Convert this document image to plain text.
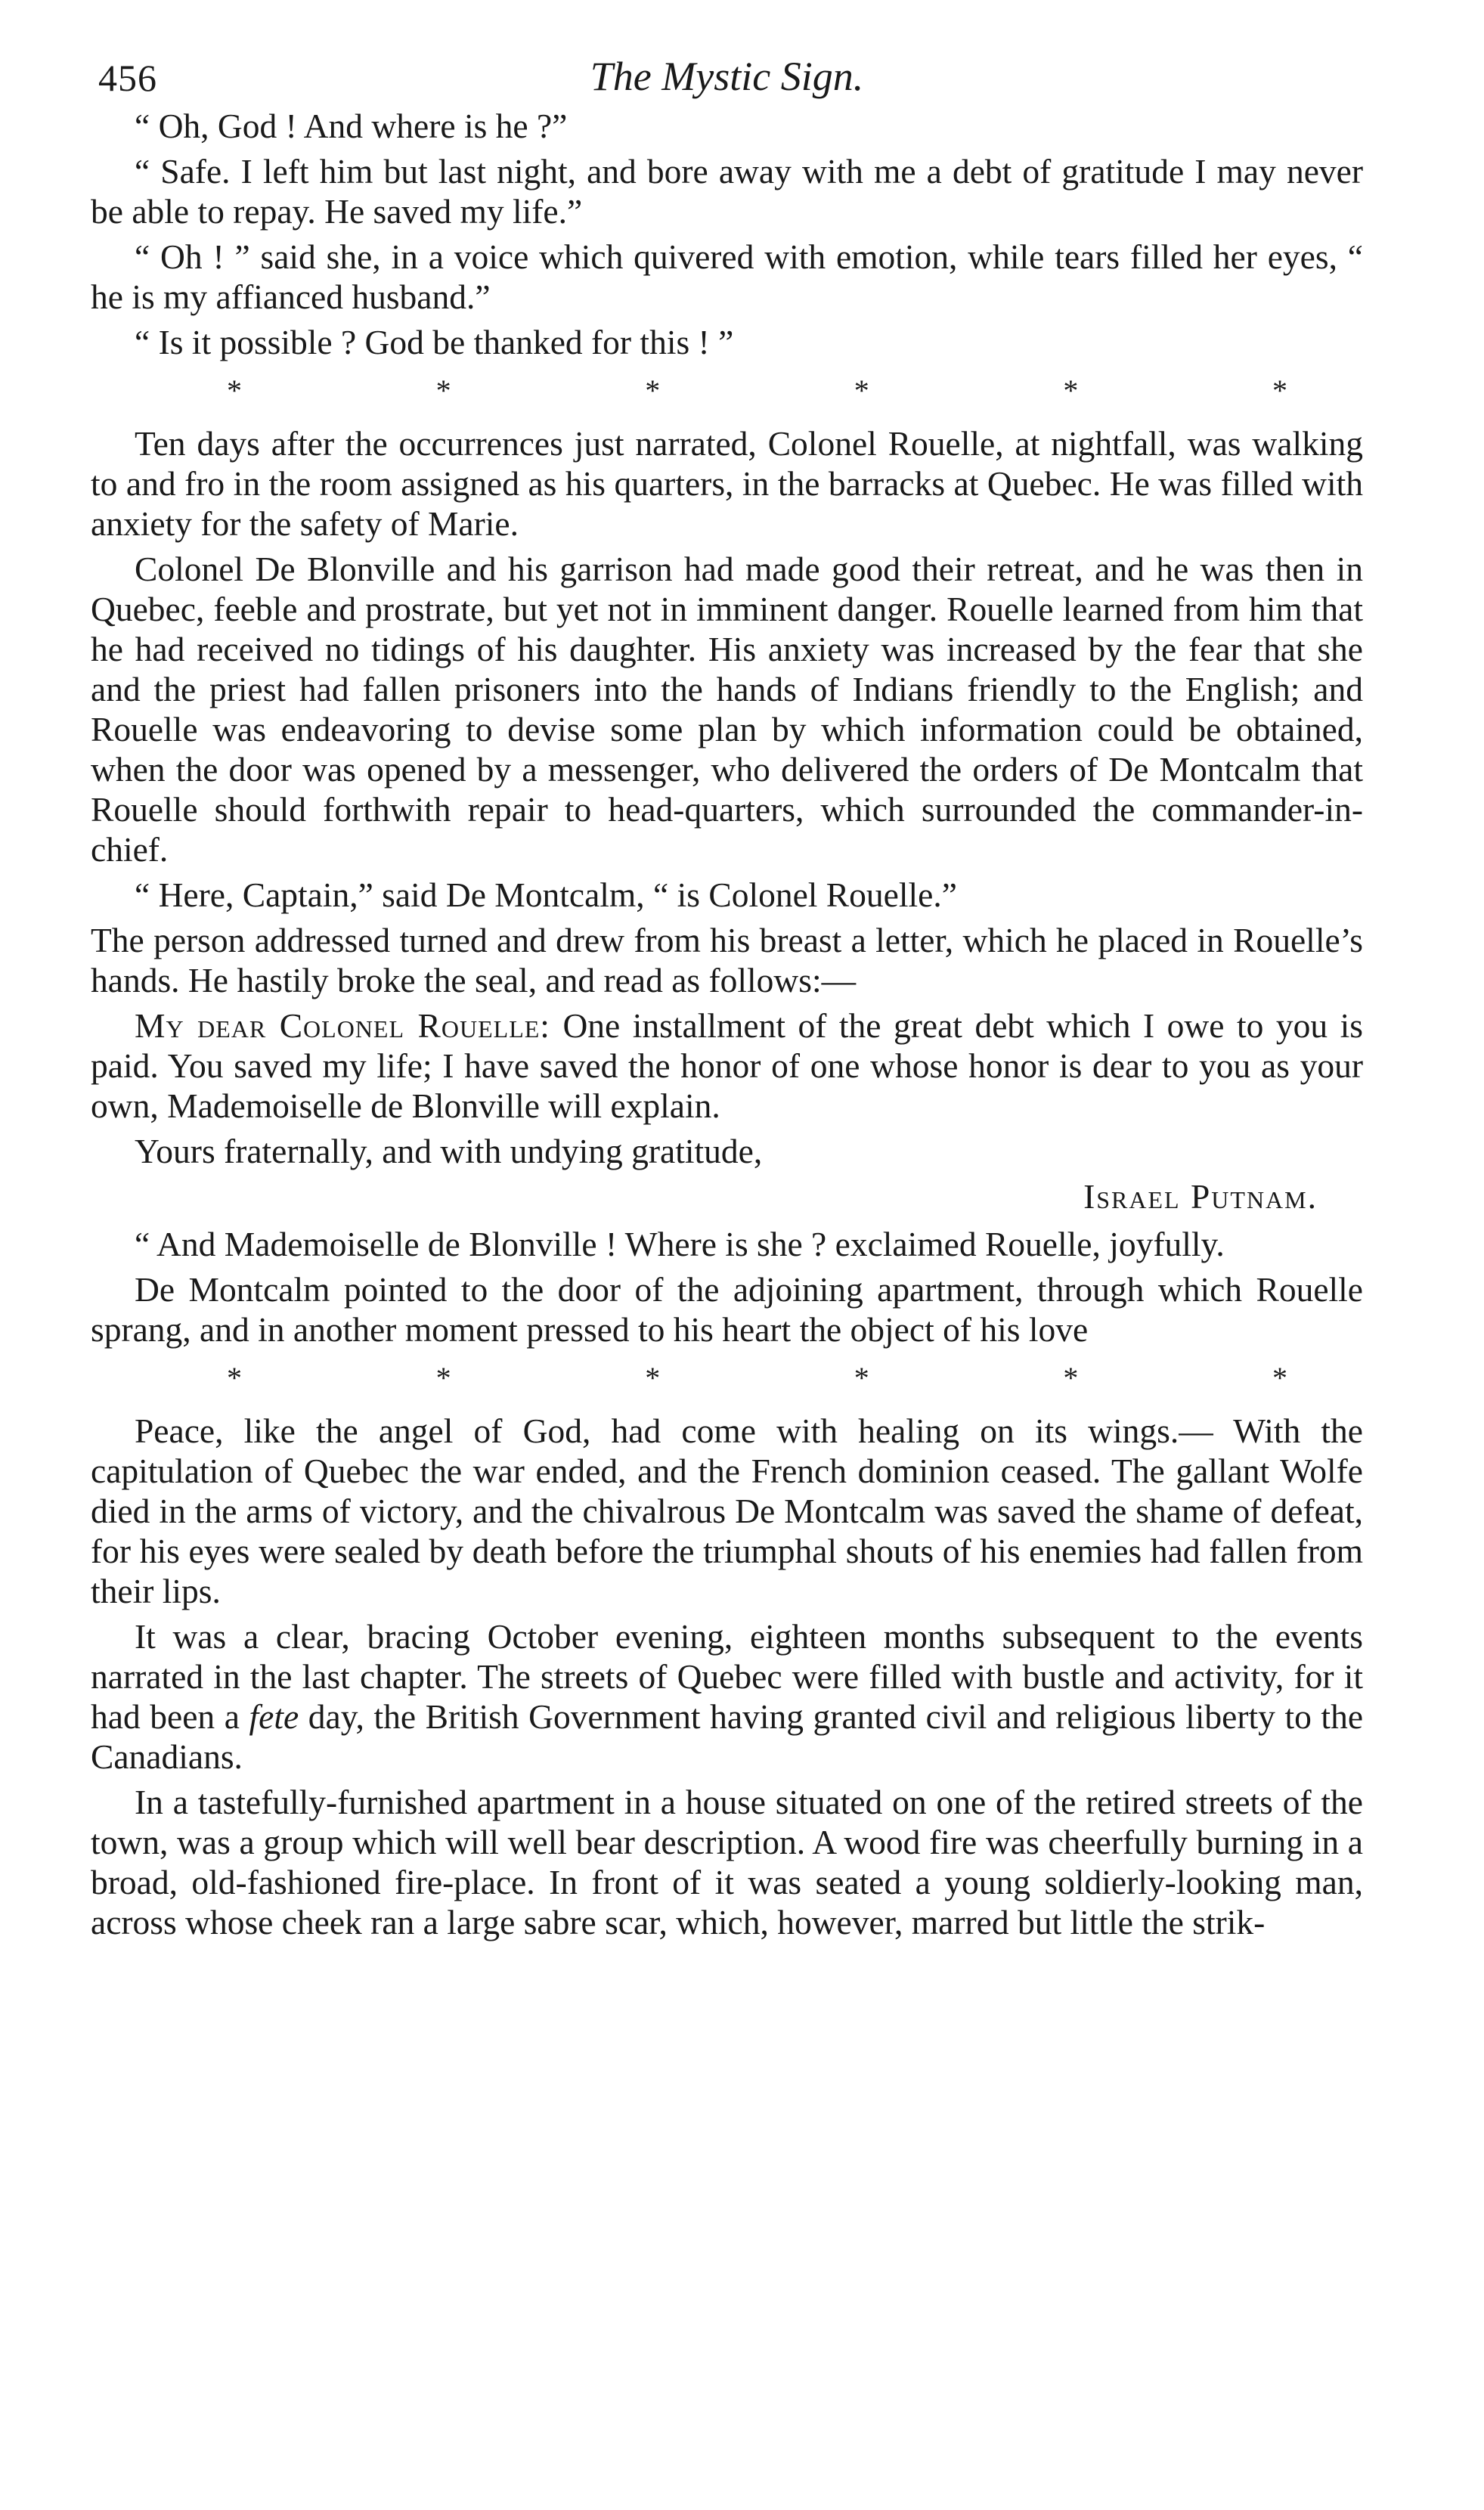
456	The Mystic Sign.

“ Oh, God ! And where is he ?”

“ Safe. I left him but last night, and bore away with me a debt of gratitude I may never be able to repay. He saved my life.”

“ Oh ! ” said she, in a voice which quivered with emotion, while tears filled her eyes, “ he is my affianced husband.”

“ Is it possible ? God be thanked for this ! ”

*	*	*	*	*	*

Ten days after the occurrences just narrated, Colonel Rouelle, at nightfall, was walking to and fro in the room assigned as his quarters, in the barracks at Quebec. He was filled with anxiety for the safety of Marie.

Colonel De Blonville and his garrison had made good their retreat, and he was then in Quebec, feeble and prostrate, but yet not in imminent danger. Rouelle learned from him that he had received no tidings of his daughter. His anxiety was increased by the fear that she and the priest had fallen prisoners into the hands of Indians friendly to the English; and Rouelle was endeavoring to devise some plan by which information could be obtained, when the door was opened by a messenger, who delivered the orders of De Montcalm that Rouelle should forthwith repair to head-quarters, which surrounded the commander-in-chief.

“ Here, Captain,” said De Montcalm, “ is Colonel Rouelle.”

The person addressed turned and drew from his breast a letter, which he placed in Rouelle’s hands. He hastily broke the seal, and read as follows:—

My dear Colonel Rouelle: One installment of the great debt which I owe to you is paid. You saved my life; I have saved the honor of one whose honor is dear to you as your own, Mademoiselle de Blonville will explain.

Yours fraternally, and with undying gratitude,

Israel Putnam.

“ And Mademoiselle de Blonville ! Where is she ? exclaimed Rouelle, joyfully.

De Montcalm pointed to the door of the adjoining apartment, through which Rouelle sprang, and in another moment pressed to his heart the object of his love

*	*	*	*	*	*

Peace, like the angel of God, had come with healing on its wings.— With the capitulation of Quebec the war ended, and the French dominion ceased. The gallant Wolfe died in the arms of victory, and the chivalrous De Montcalm was saved the shame of defeat, for his eyes were sealed by death before the triumphal shouts of his enemies had fallen from their lips.

It was a clear, bracing October evening, eighteen months subsequent to the events narrated in the last chapter. The streets of Quebec were filled with bustle and activity, for it had been a fete day, the British Government having granted civil and religious liberty to the Canadians.

In a tastefully-furnished apartment in a house situated on one of the retired streets of the town, was a group which will well bear description. A wood fire was cheerfully burning in a broad, old-fashioned fire-place. In front of it was seated a young soldierly-looking man, across whose cheek ran a large sabre scar, which, however, marred but little the strik-
